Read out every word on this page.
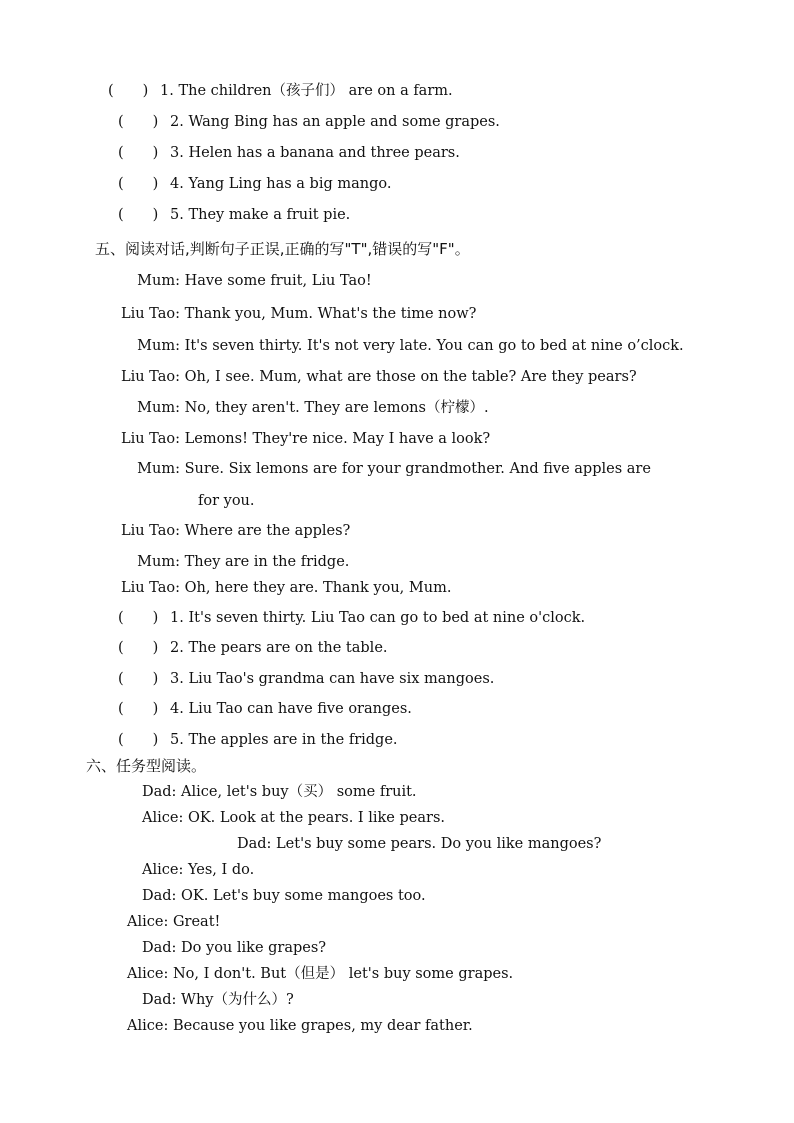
(　　) 1. The children（孩子们） are on a farm.
(　　) 2. Wang Bing has an apple and some grapes.
(　　) 3. Helen has a banana and three pears.
(　　) 4. Yang Ling has a big mango.
(　　) 5. They make a fruit pie.
五、阅读对话,判断句子正误,正确的写"T",错误的写"F"。
Mum: Have some fruit, Liu Tao!
Liu Tao: Thank you, Mum. What's the time now?
Mum: It's seven thirty. It's not very late. You can go to bed at nine o’clock.
Liu Tao: Oh, I see. Mum, what are those on the table? Are they pears?
Mum: No, they aren't. They are lemons（柠檬）.
Liu Tao: Lemons! They're nice. May I have a look?
Mum: Sure. Six lemons are for your grandmother. And five apples are
for you.
Liu Tao: Where are the apples?
Mum: They are in the fridge.
Liu Tao: Oh, here they are. Thank you, Mum.
(　　) 1. It's seven thirty. Liu Tao can go to bed at nine o'clock.
(　　) 2. The pears are on the table.
(　　) 3. Liu Tao's grandma can have six mangoes.
(　　) 4. Liu Tao can have five oranges.
(　　) 5. The apples are in the fridge.
六、任务型阅读。
Dad: Alice, let's buy（买） some fruit.
Alice: OK. Look at the pears. I like pears.
Dad: Let's buy some pears. Do you like mangoes?
Alice: Yes, I do.
Dad: OK. Let's buy some mangoes too.
Alice: Great!
Dad: Do you like grapes?
Alice: No, I don't. But（但是） let's buy some grapes.
Dad: Why（为什么）?
Alice: Because you like grapes, my dear father.
